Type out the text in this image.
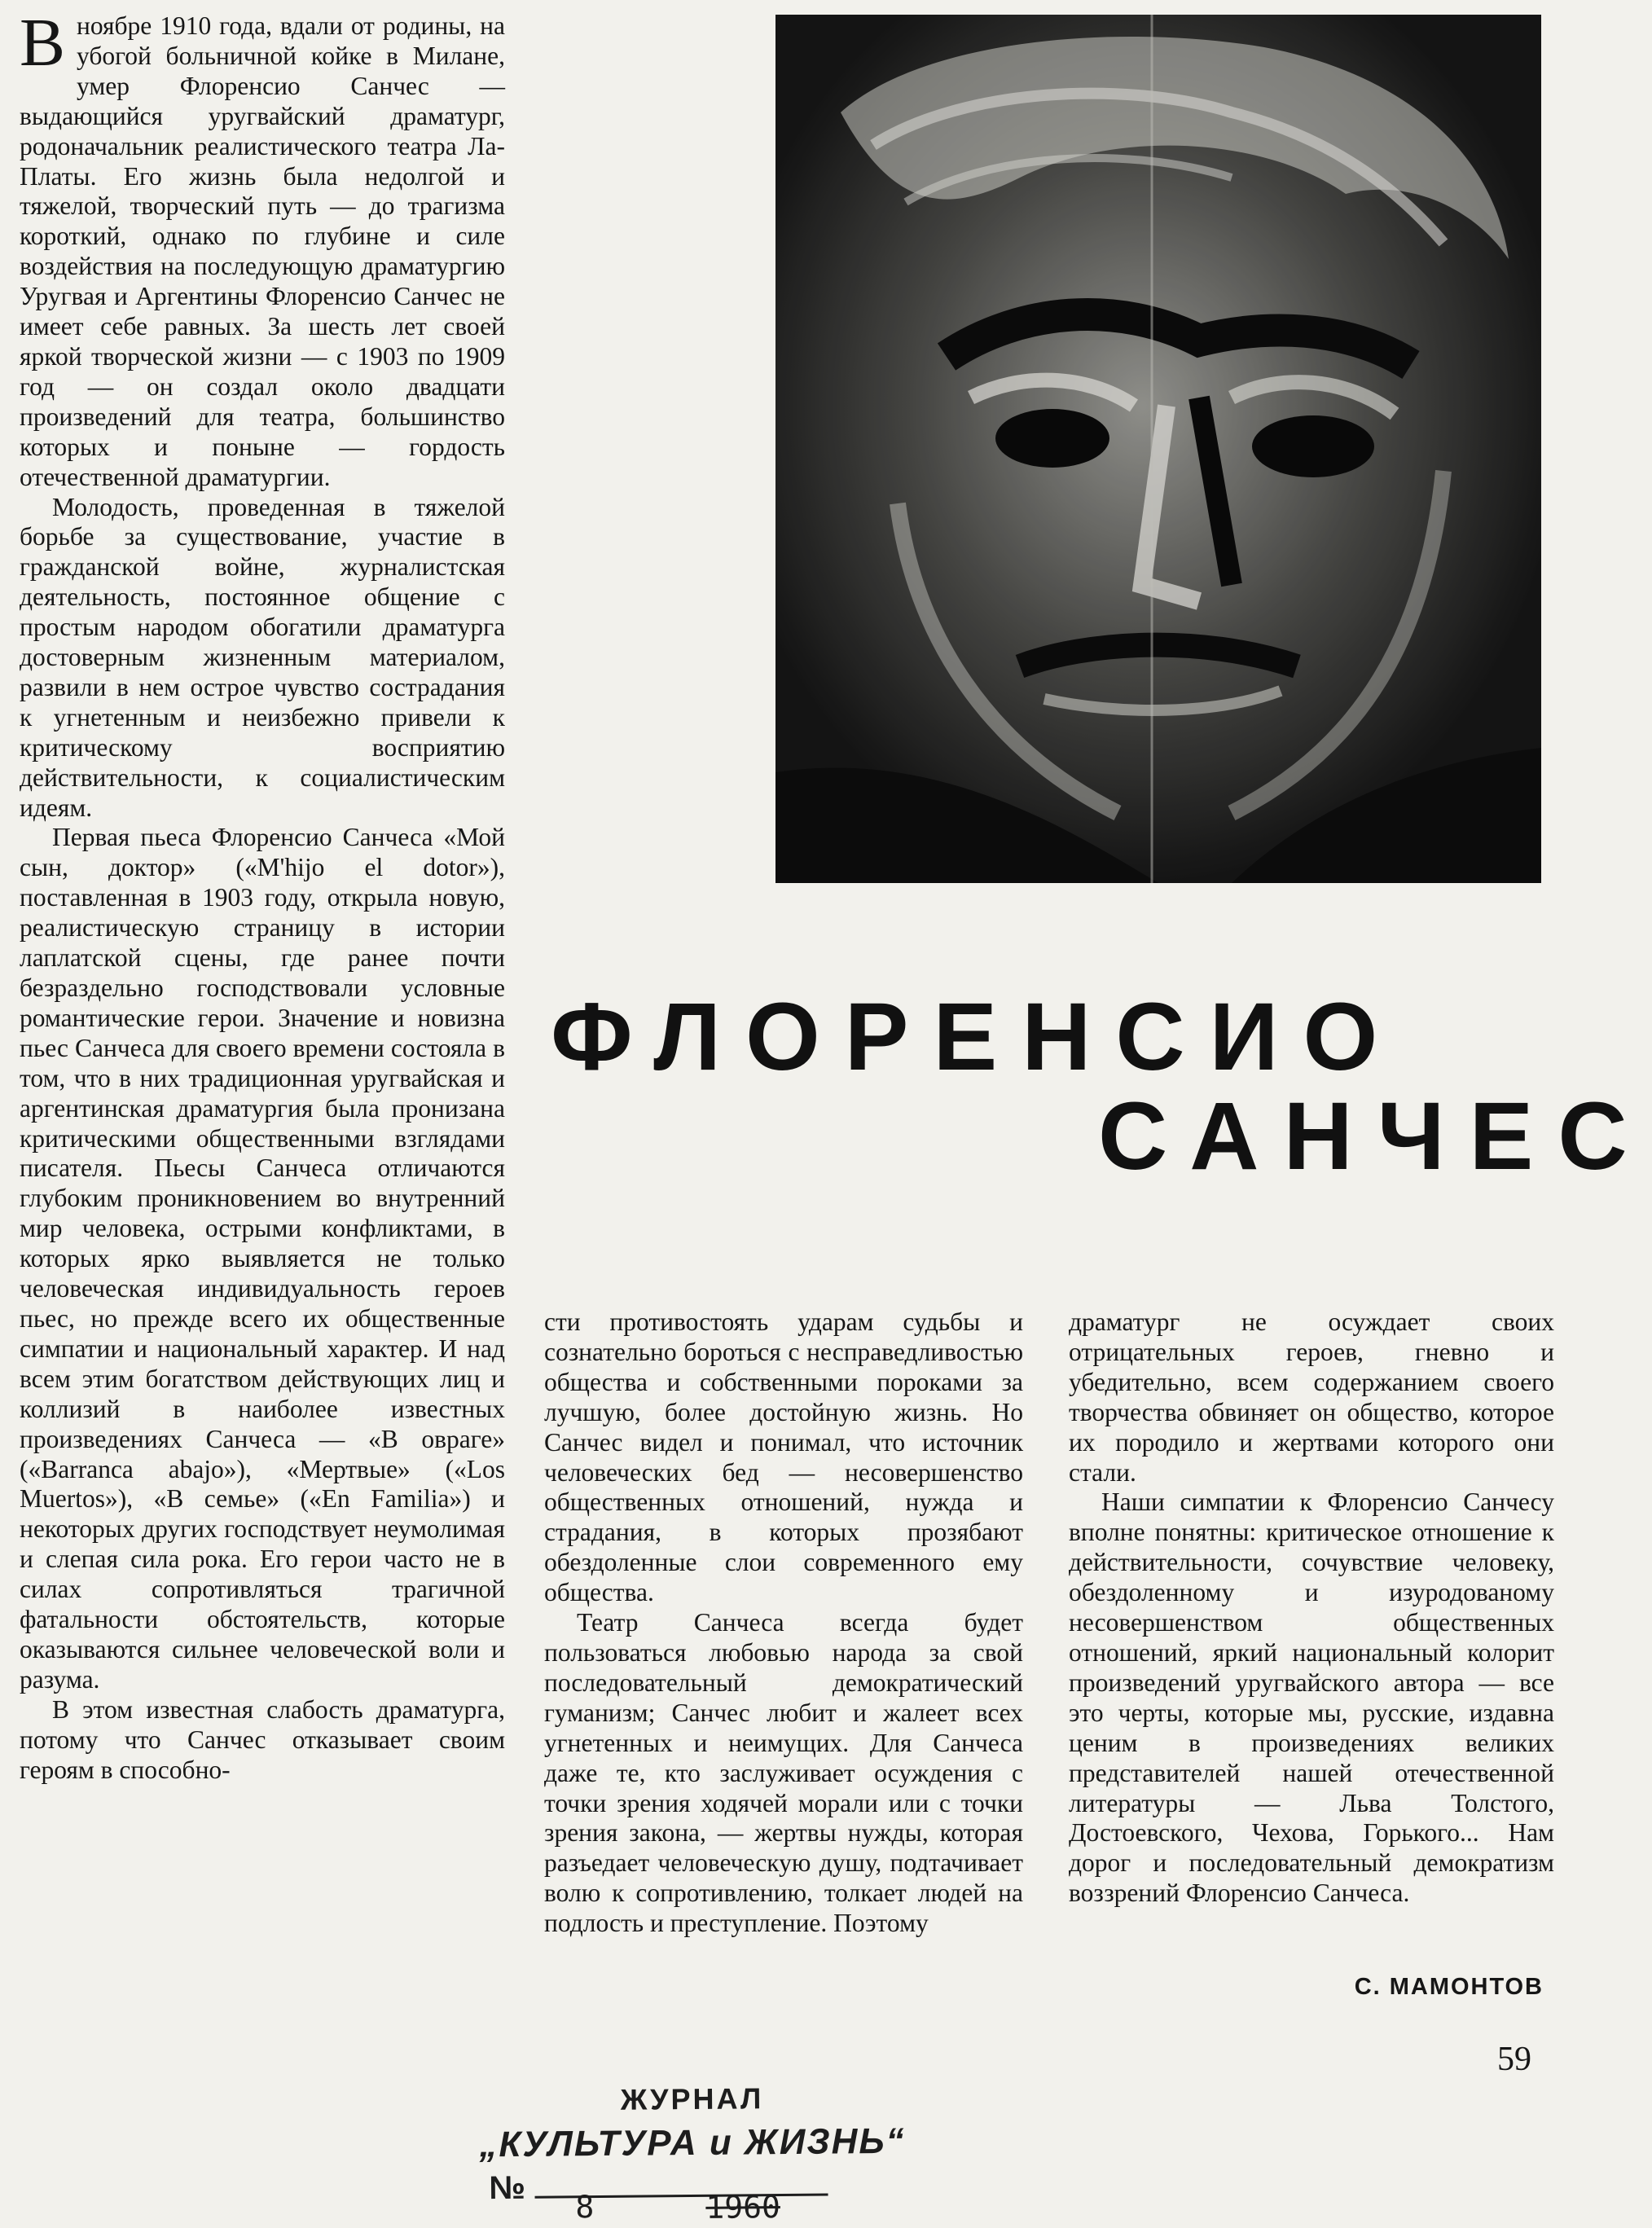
Вноябре 1910 года, вдали от родины, на убогой больничной койке в Милане, умер Флоренсио Санчес — выдающийся уругвайский драматург, родоначальник реалистического театра Ла-Платы. Его жизнь была недолгой и тяжелой, творческий путь — до трагизма короткий, однако по глубине и силе воздействия на последующую драматургию Уругвая и Аргентины Флоренсио Санчес не имеет себе равных. За шесть лет своей яркой творческой жизни — с 1903 по 1909 год — он создал около двадцати произведений для театра, большинство которых и поныне — гордость отечественной драматургии.

Молодость, проведенная в тяжелой борьбе за существование, участие в гражданской войне, журналистская деятельность, постоянное общение с простым народом обогатили драматурга достоверным жизненным материалом, развили в нем острое чувство сострадания к угнетенным и неизбежно привели к критическому восприятию действительности, к социалистическим идеям.

Первая пьеса Флоренсио Санчеса «Мой сын, доктор» («M'hijo el dotor»), поставленная в 1903 году, открыла новую, реалистическую страницу в истории лаплатской сцены, где ранее почти безраздельно господствовали условные романтические герои. Значение и новизна пьес Санчеса для своего времени состояла в том, что в них традиционная уругвайская и аргентинская драматургия была пронизана критическими общественными взглядами писателя. Пьесы Санчеса отличаются глубоким проникновением во внутренний мир человека, острыми конфликтами, в которых ярко выявляется не только человеческая индивидуальность героев пьес, но прежде всего их общественные симпатии и национальный характер. И над всем этим богатством действующих лиц и коллизий в наиболее известных произведениях Санчеса — «В овраге» («Barranca abajo»), «Мертвые» («Los Muertos»), «В семье» («En Familia») и некоторых других господствует неумолимая и слепая сила рока. Его герои часто не в силах сопротивляться трагичной фатальности обстоятельств, которые оказываются сильнее человеческой воли и разума.

В этом известная слабость драматурга, потому что Санчес отказывает своим героям в способно-

ФЛОРЕНСИО
САНЧЕС

сти противостоять ударам судьбы и сознательно бороться с несправедливостью общества и собственными пороками за лучшую, более достойную жизнь. Но Санчес видел и понимал, что источник человеческих бед — несовершенство общественных отношений, нужда и страдания, в которых прозябают обездоленные слои современного ему общества.

Театр Санчеса всегда будет пользоваться любовью народа за свой последовательный демократический гуманизм; Санчес любит и жалеет всех угнетенных и неимущих. Для Санчеса даже те, кто заслуживает осуждения с точки зрения ходячей морали или с точки зрения закона, — жертвы нужды, которая разъедает человеческую душу, подтачивает волю к сопротивлению, толкает людей на подлость и преступление. Поэтому

драматург не осуждает своих отрицательных героев, гневно и убедительно, всем содержанием своего творчества обвиняет он общество, которое их породило и жертвами которого они стали.

Наши симпатии к Флоренсио Санчесу вполне понятны: критическое отношение к действительности, сочувствие человеку, обездоленному и изуродованому несовершенством общественных отношений, яркий национальный колорит произведений уругвайского автора — все это черты, которые мы, русские, издавна ценим в произведениях великих представителей нашей отечественной литературы — Льва Толстого, Достоевского, Чехова, Горького... Нам дорог и последовательный демократизм воззрений Флоренсио Санчеса.

С. МАМОНТОВ
59
ЖУРНАЛ
„КУЛЬТУРА и ЖИЗНЬ“
№
8	1960
